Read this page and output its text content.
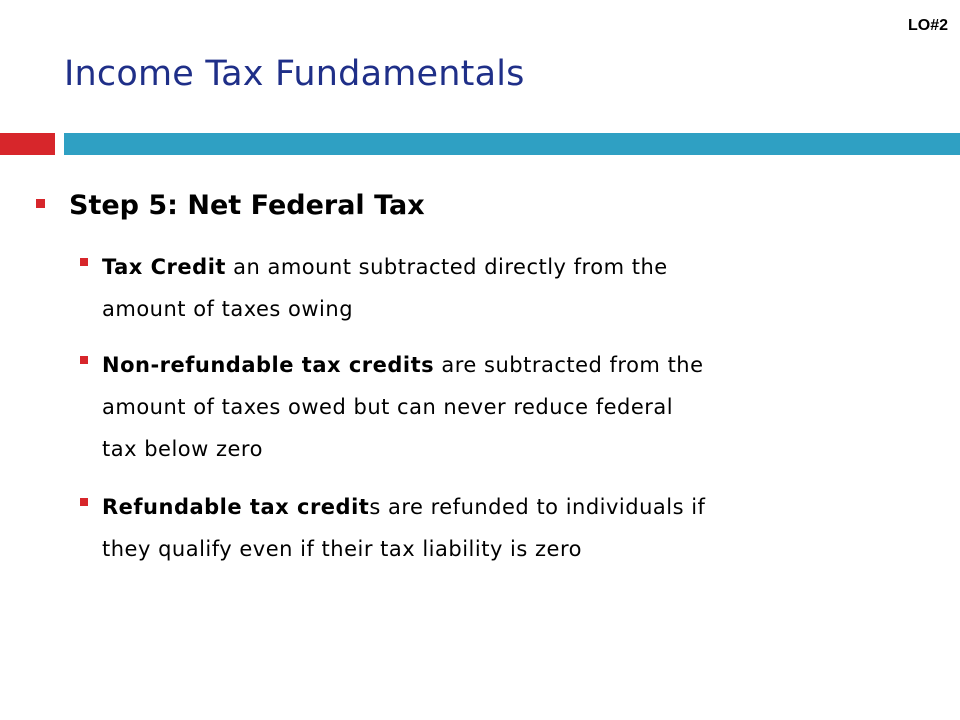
LO#2
Income Tax Fundamentals
Step 5: Net Federal Tax
Tax Credit an amount subtracted directly from the
amount of taxes owing
Non-refundable tax credits are subtracted from the
amount of taxes owed but can never reduce federal
tax below zero
Refundable tax credits are refunded to individuals if
they qualify even if their tax liability is zero
